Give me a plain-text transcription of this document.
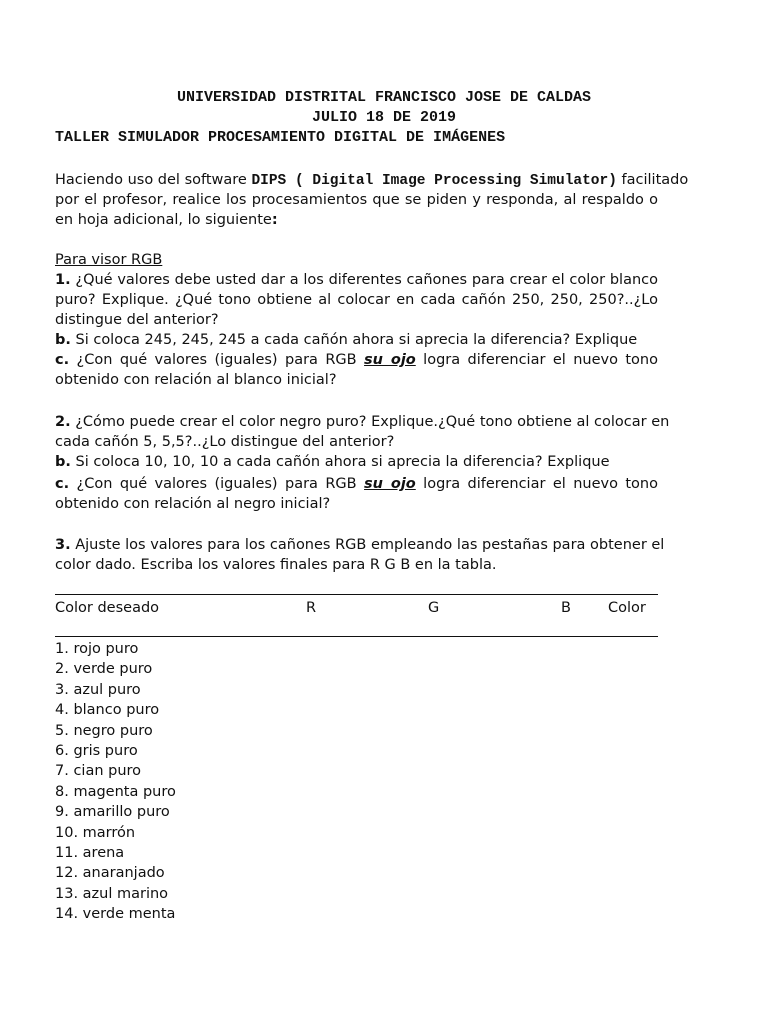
UNIVERSIDAD DISTRITAL FRANCISCO JOSE DE CALDAS
JULIO 18 DE 2019
TALLER SIMULADOR PROCESAMIENTO DIGITAL DE IMÁGENES
Haciendo uso del software DIPS ( Digital Image Processing Simulator) facilitado
por el profesor, realice los procesamientos que se piden y responda, al respaldo o
en hoja adicional, lo siguiente:
Para visor RGB
1. ¿Qué valores debe usted dar a los diferentes cañones para crear el color blanco
puro? Explique. ¿Qué tono obtiene al colocar en cada cañón 250, 250, 250?..¿Lo
distingue del anterior?
b. Si coloca 245, 245, 245 a cada cañón ahora si aprecia la diferencia? Explique
c. ¿Con qué valores (iguales) para RGB su ojo logra diferenciar el nuevo tono
obtenido con relación al blanco inicial?
2. ¿Cómo puede crear el color negro puro? Explique.¿Qué tono obtiene al colocar en
cada cañón 5, 5,5?..¿Lo distingue del anterior?
b. Si coloca 10, 10, 10 a cada cañón ahora si aprecia la diferencia? Explique
c. ¿Con qué valores (iguales) para RGB su ojo logra diferenciar el nuevo tono
obtenido con relación al negro inicial?
3. Ajuste los valores para los cañones RGB empleando las pestañas para obtener el
color dado. Escriba los valores finales para R G B en la tabla.
Color deseado	R	G	B	Color
1. rojo puro
2. verde puro
3. azul puro
4. blanco puro
5. negro puro
6. gris puro
7. cian puro
8. magenta puro
9. amarillo puro
10. marrón
11. arena
12. anaranjado
13. azul marino
14. verde menta
